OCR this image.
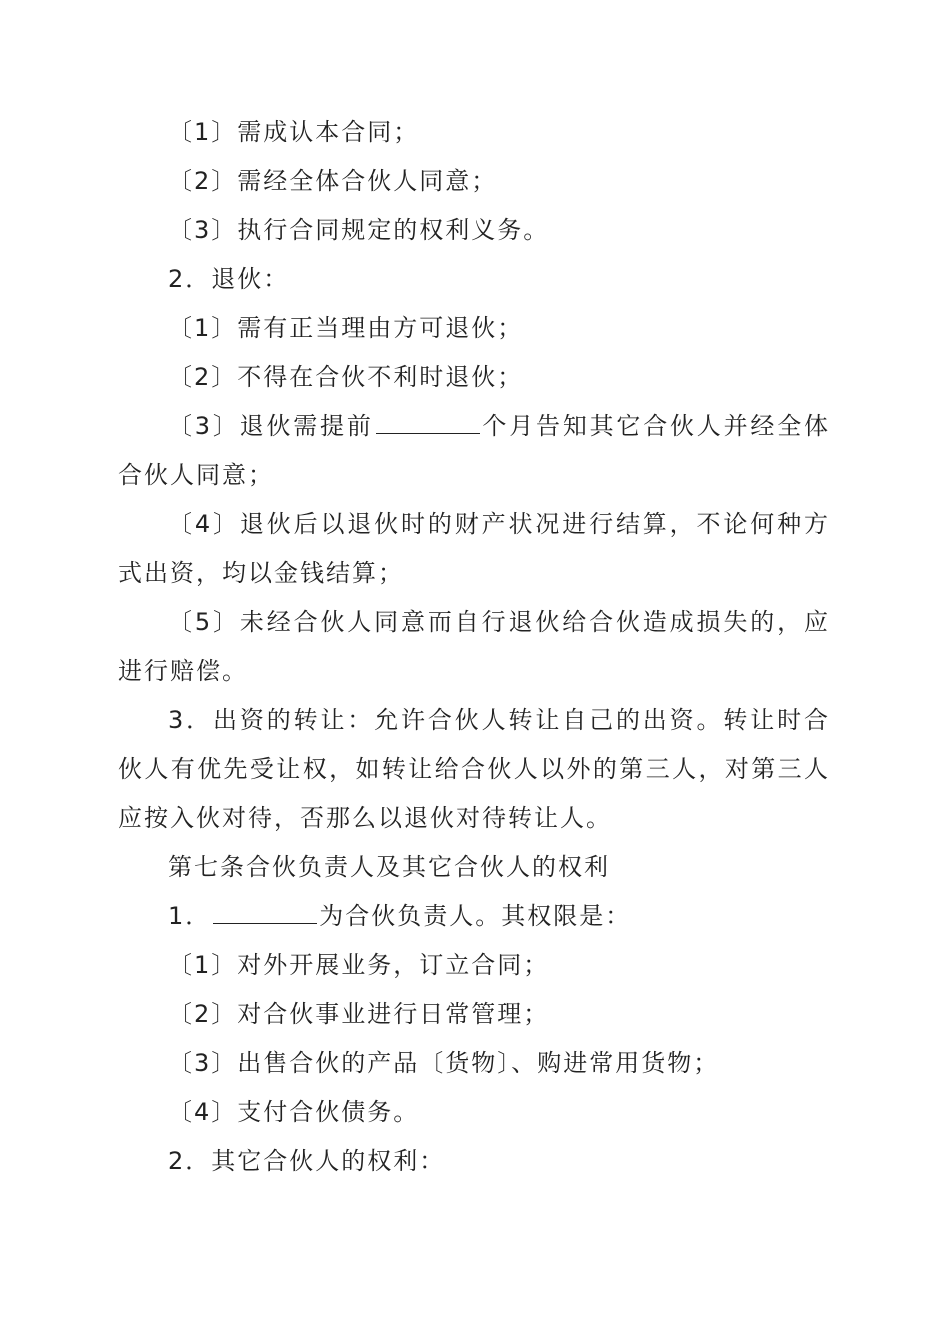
〔1〕需成认本合同；

〔2〕需经全体合伙人同意；

〔3〕执行合同规定的权利义务。

2．退伙：

〔1〕需有正当理由方可退伙；

〔2〕不得在合伙不利时退伙；

〔3〕退伙需提前	个月告知其它合伙人并经全体合伙人同意；

〔4〕退伙后以退伙时的财产状况进行结算，不论何种方式出资，均以金钱结算；

〔5〕未经合伙人同意而自行退伙给合伙造成损失的，应进行赔偿。

3．出资的转让：允许合伙人转让自己的出资。转让时合伙人有优先受让权，如转让给合伙人以外的第三人，对第三人应按入伙对待，否那么以退伙对待转让人。

第七条合伙负责人及其它合伙人的权利

1．	为合伙负责人。其权限是：

〔1〕对外开展业务，订立合同；

〔2〕对合伙事业进行日常管理；

〔3〕出售合伙的产品〔货物〕、购进常用货物；

〔4〕支付合伙债务。

2．其它合伙人的权利：
